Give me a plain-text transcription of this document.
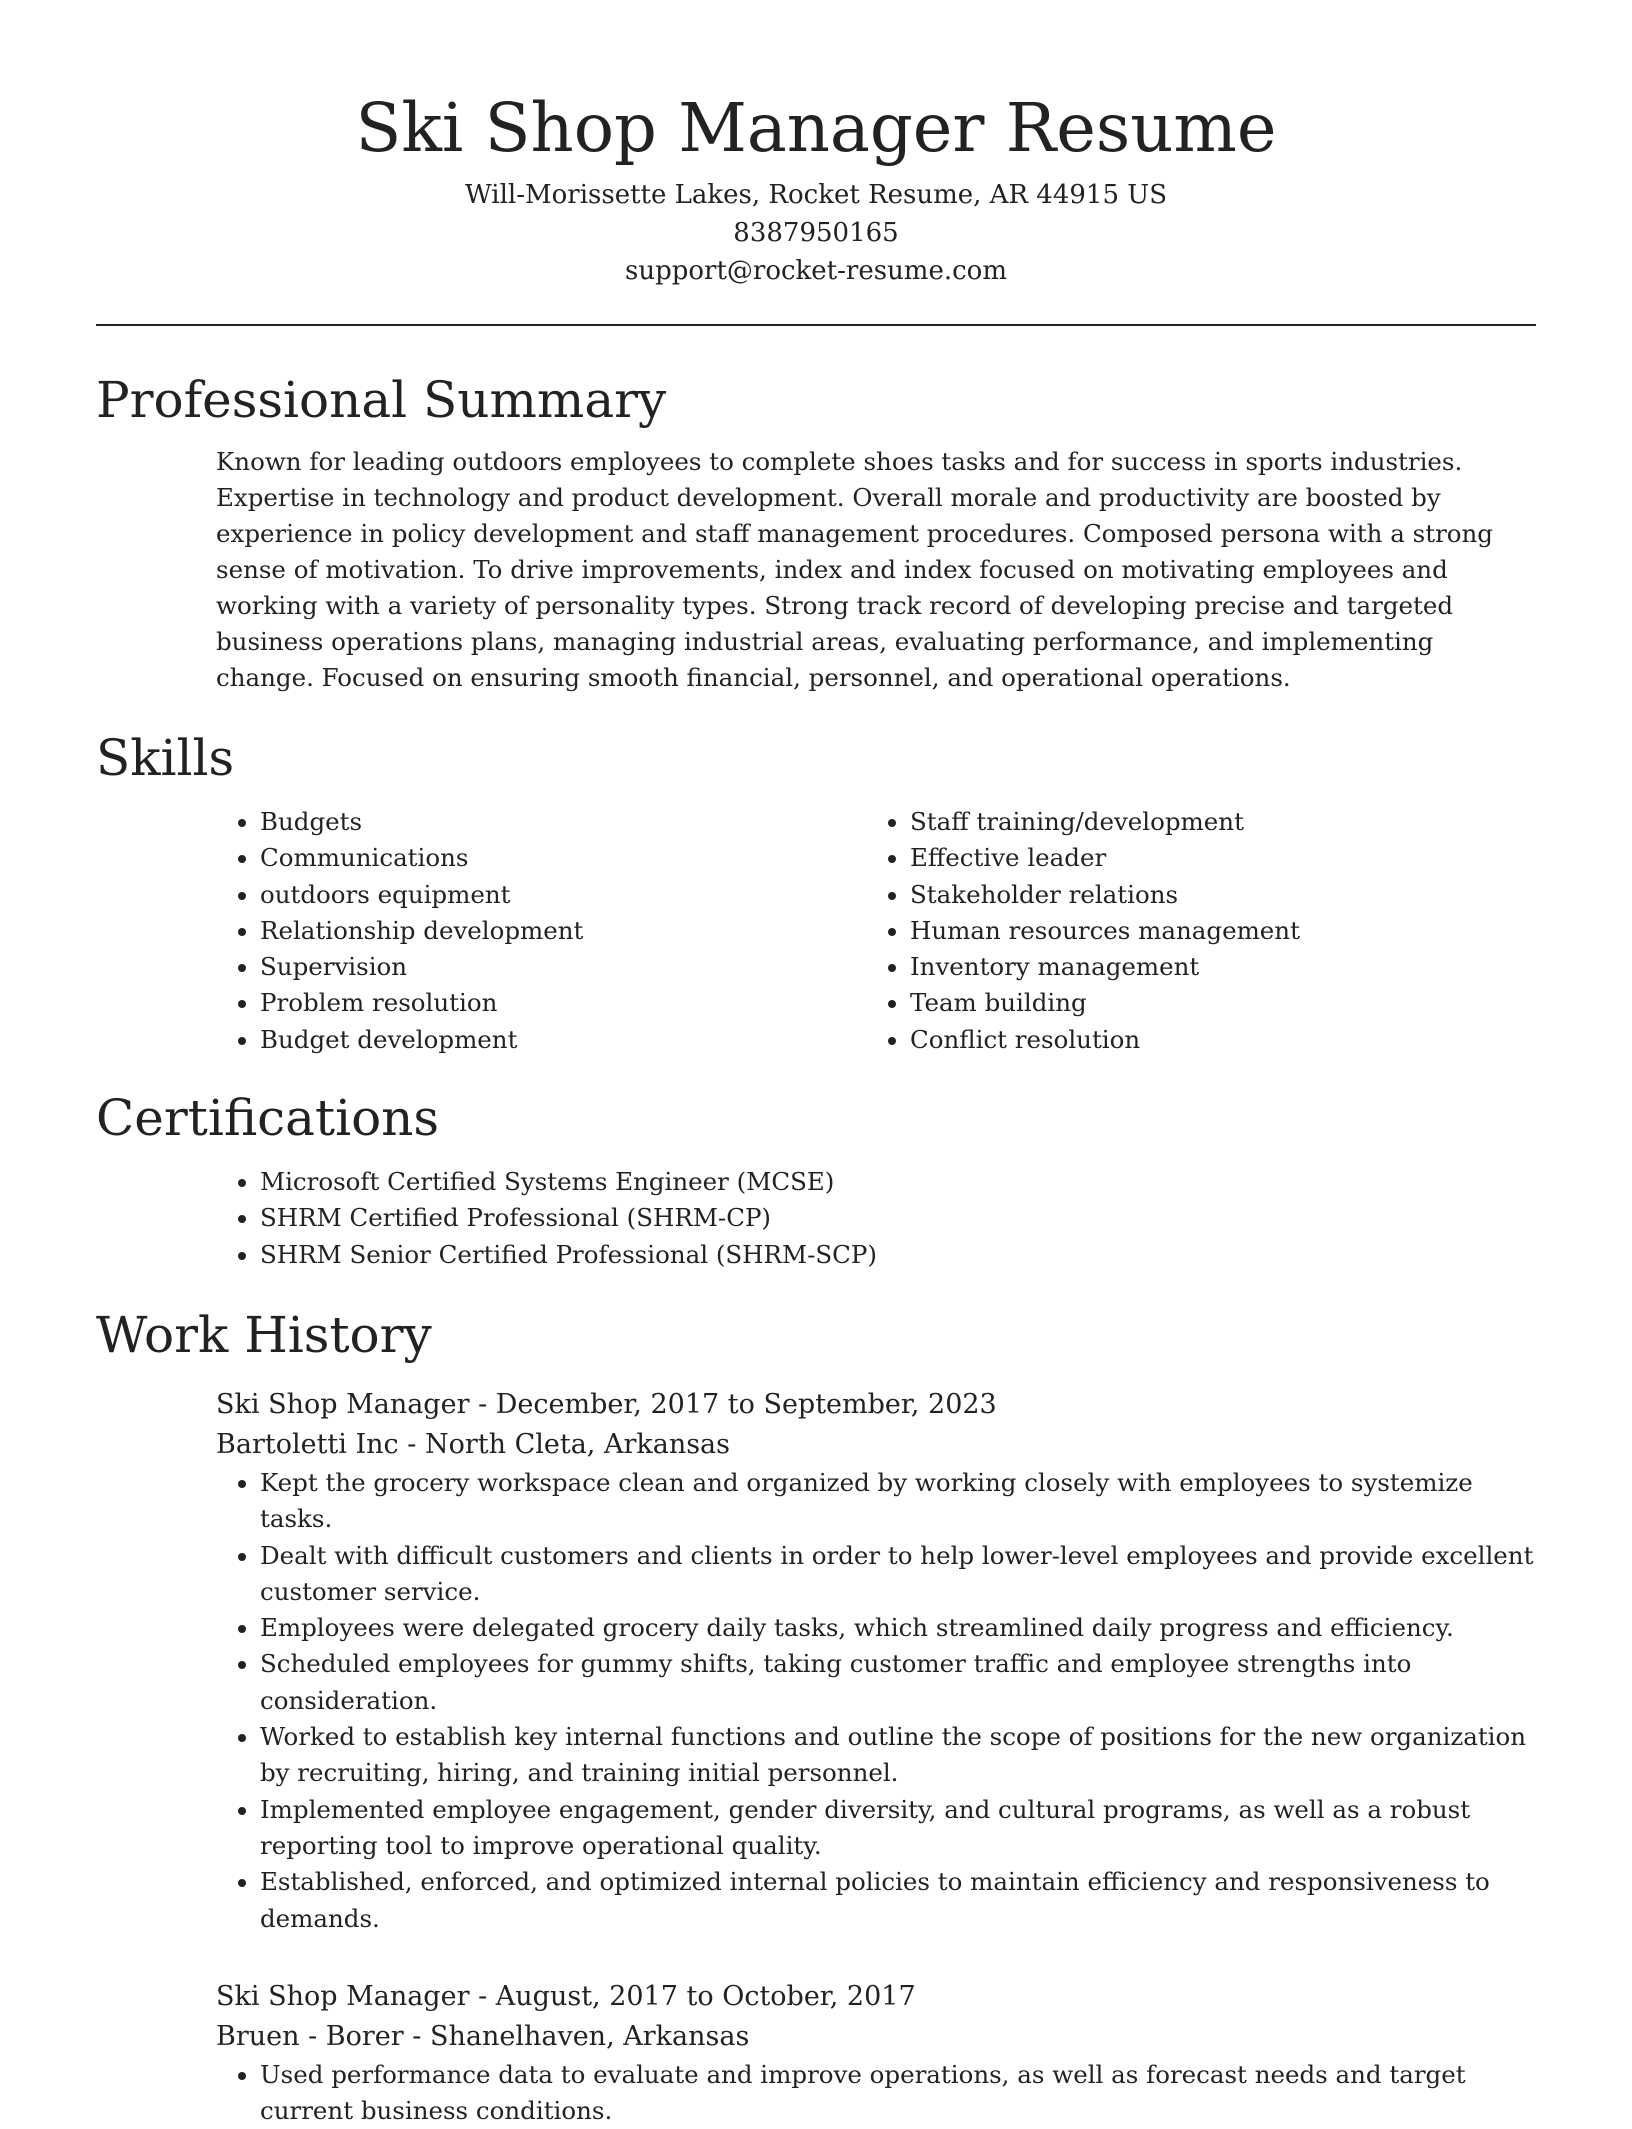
Ski Shop Manager Resume
Will-Morissette Lakes, Rocket Resume, AR 44915 US
8387950165
support@rocket-resume.com
Professional Summary

Known for leading outdoors employees to complete shoes tasks and for success in sports industries. Expertise in technology and product development. Overall morale and productivity are boosted by experience in policy development and staff management procedures. Composed persona with a strong sense of motivation. To drive improvements, index and index focused on motivating employees and working with a variety of personality types. Strong track record of developing precise and targeted business operations plans, managing industrial areas, evaluating performance, and implementing change. Focused on ensuring smooth financial, personnel, and operational operations.

Skills
• Budgets
• Communications
• outdoors equipment
• Relationship development
• Supervision
• Problem resolution
• Budget development
• Staff training/development
• Effective leader
• Stakeholder relations
• Human resources management
• Inventory management
• Team building
• Conflict resolution
Certifications
• Microsoft Certified Systems Engineer (MCSE)
• SHRM Certified Professional (SHRM-CP)
• SHRM Senior Certified Professional (SHRM-SCP)
Work History
Ski Shop Manager - December, 2017 to September, 2023
Bartoletti Inc - North Cleta, Arkansas
• Kept the grocery workspace clean and organized by working closely with employees to systemize tasks.
• Dealt with difficult customers and clients in order to help lower-level employees and provide excellent customer service.
• Employees were delegated grocery daily tasks, which streamlined daily progress and efficiency.
• Scheduled employees for gummy shifts, taking customer traffic and employee strengths into consideration.
• Worked to establish key internal functions and outline the scope of positions for the new organization by recruiting, hiring, and training initial personnel.
• Implemented employee engagement, gender diversity, and cultural programs, as well as a robust reporting tool to improve operational quality.
• Established, enforced, and optimized internal policies to maintain efficiency and responsiveness to demands.
Ski Shop Manager - August, 2017 to October, 2017
Bruen - Borer - Shanelhaven, Arkansas
• Used performance data to evaluate and improve operations, as well as forecast needs and target current business conditions.
